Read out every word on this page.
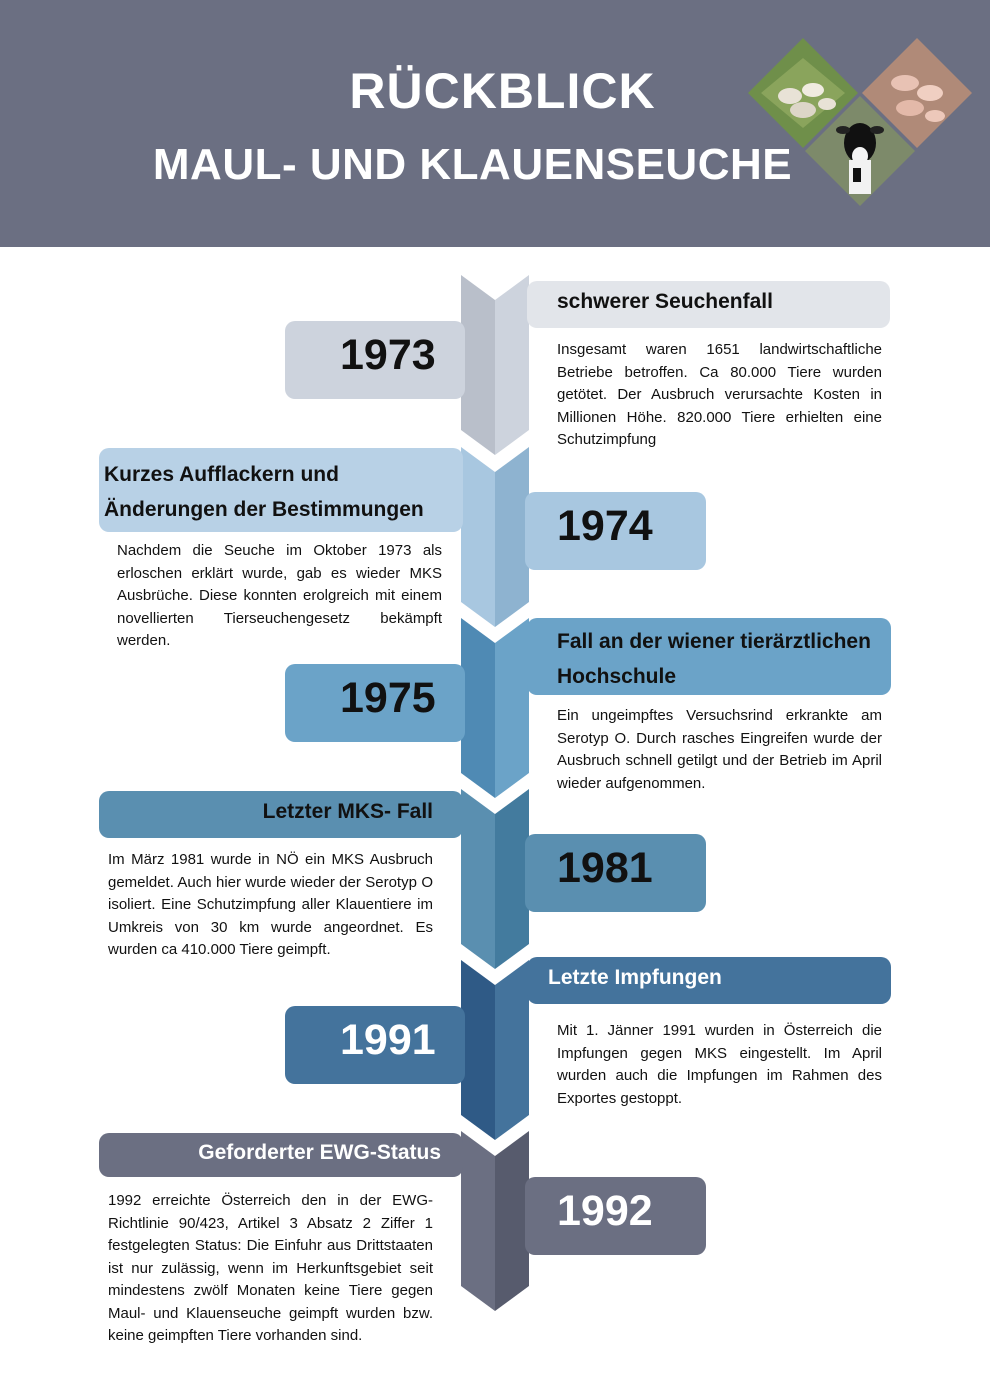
RÜCKBLICK
MAUL- UND KLAUENSEUCHE
1973
schwerer Seuchenfall
Insgesamt waren 1651 landwirtschaftliche Betriebe betroffen. Ca 80.000 Tiere wurden getötet. Der Ausbruch verursachte Kosten in Millionen Höhe. 820.000 Tiere erhielten eine Schutzimpfung
Kurzes Aufflackern und
Änderungen der Bestimmungen	1974
Nachdem die Seuche im Oktober 1973 als erloschen erklärt wurde, gab es wieder MKS Ausbrüche. Diese konnten erolgreich mit einem novellierten Tierseuchengesetz bekämpft werden.	Fall an der wiener tierärztlichen
Hochschule
1975	Ein ungeimpftes Versuchsrind erkrankte am Serotyp O. Durch rasches Eingreifen wurde der Ausbruch schnell getilgt und der Betrieb im April wieder aufgenommen.
Letzter MKS- Fall
1981
Im März 1981 wurde in NÖ ein MKS Ausbruch gemeldet. Auch hier wurde wieder der Serotyp O isoliert. Eine Schutzimpfung aller Klauentiere im Umkreis von 30 km wurde angeordnet. Es wurden ca 410.000 Tiere geimpft.
Letzte Impfungen
1991	Mit 1. Jänner 1991 wurden in Österreich die Impfungen gegen MKS eingestellt. Im April wurden auch die Impfungen im Rahmen des Exportes gestoppt.
Geforderter EWG-Status
1992
1992 erreichte Österreich den in der EWG-Richtlinie 90/423, Artikel 3 Absatz 2 Ziffer 1 festgelegten Status: Die Einfuhr aus Drittstaaten ist nur zulässig, wenn im Herkunftsgebiet seit mindestens zwölf Monaten keine Tiere gegen Maul- und Klauenseuche geimpft wurden bzw. keine geimpften Tiere vorhanden sind.
